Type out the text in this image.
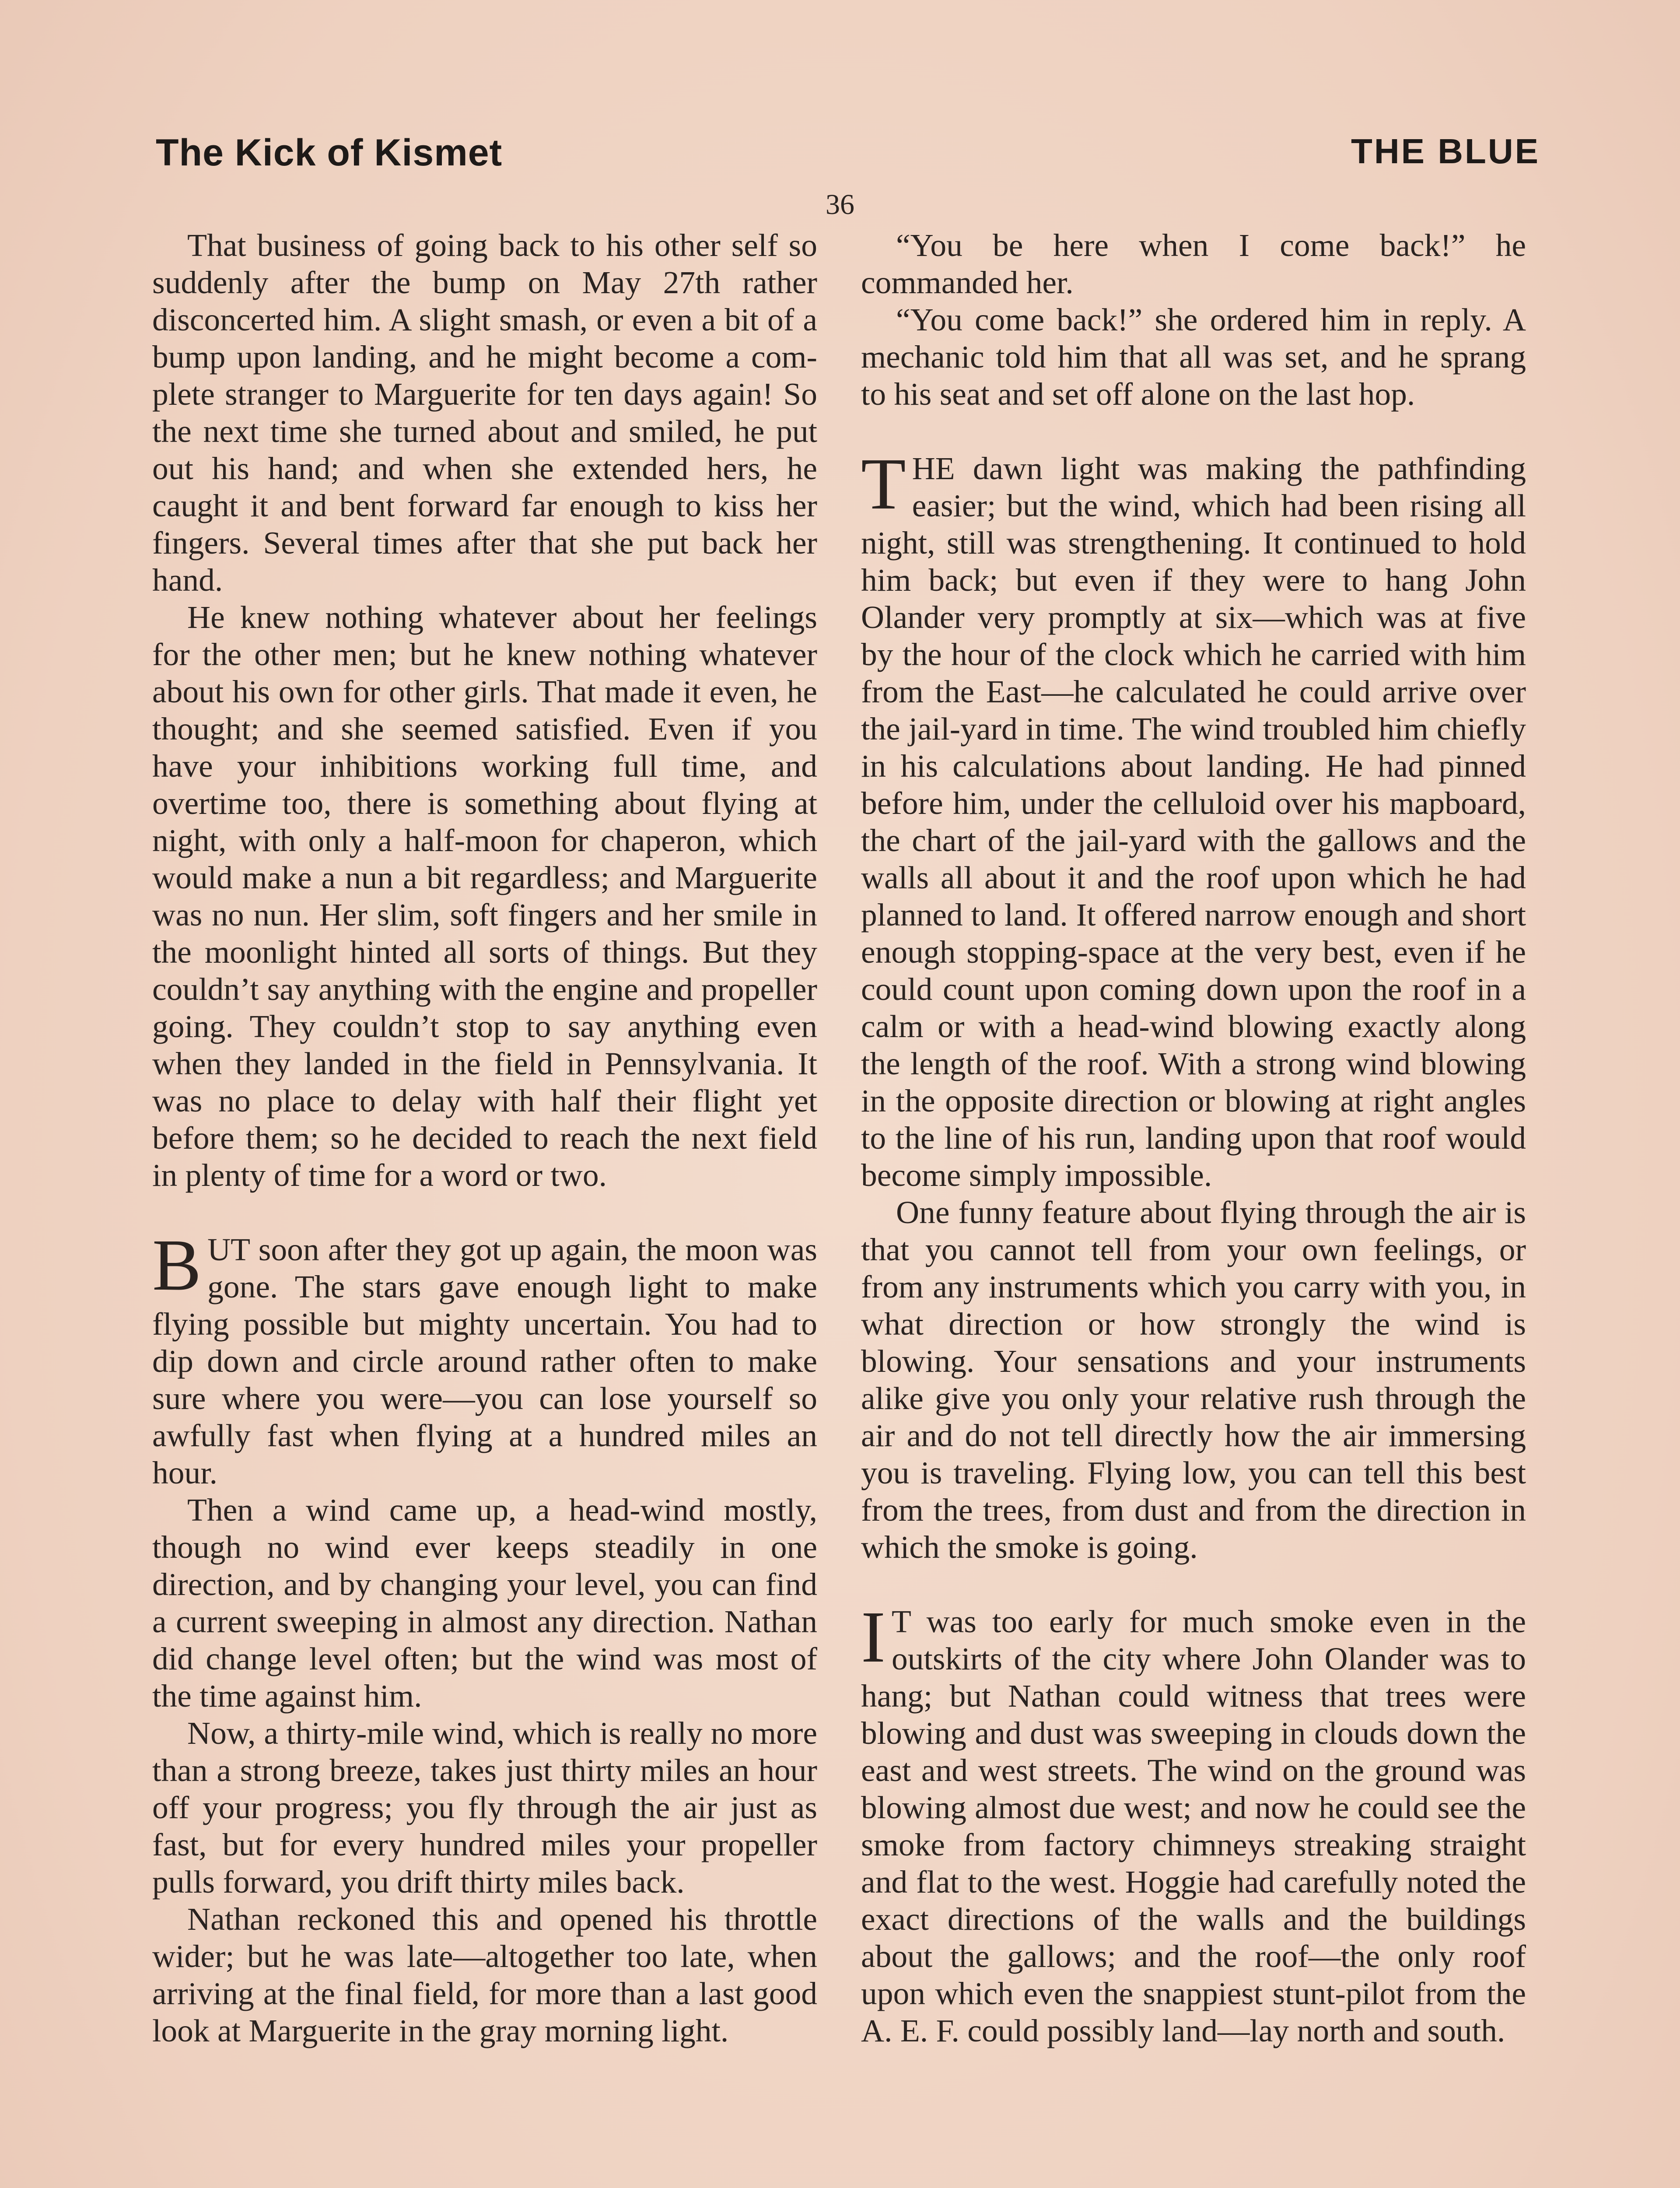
The Kick of Kismet	THE BLUE
36

That business of going back to his other self so suddenly after the bump on May 27th rather disconcerted him. A slight smash, or even a bit of a bump upon landing, and he might become a complete stranger to Marguerite for ten days again! So the next time she turned about and smiled, he put out his hand; and when she extended hers, he caught it and bent forward far enough to kiss her fingers. Several times after that she put back her hand.

He knew nothing whatever about her feelings for the other men; but he knew nothing whatever about his own for other girls. That made it even, he thought; and she seemed satisfied. Even if you have your inhibitions working full time, and overtime too, there is something about flying at night, with only a half-moon for chaperon, which would make a nun a bit regardless; and Marguerite was no nun. Her slim, soft fingers and her smile in the moonlight hinted all sorts of things. But they couldn’t say anything with the engine and propeller going. They couldn’t stop to say anything even when they landed in the field in Pennsylvania. It was no place to delay with half their flight yet before them; so he decided to reach the next field in plenty of time for a word or two.

BUT soon after they got up again, the moon was gone. The stars gave enough light to make flying possible but mighty uncertain. You had to dip down and circle around rather often to make sure where you were—you can lose yourself so awfully fast when flying at a hundred miles an hour.

Then a wind came up, a head-wind mostly, though no wind ever keeps steadily in one direction, and by changing your level, you can find a current sweeping in almost any direction. Nathan did change level often; but the wind was most of the time against him.

Now, a thirty-mile wind, which is really no more than a strong breeze, takes just thirty miles an hour off your progress; you fly through the air just as fast, but for every hundred miles your propeller pulls forward, you drift thirty miles back.

Nathan reckoned this and opened his throttle wider; but he was late—altogether too late, when arriving at the final field, for more than a last good look at Marguerite in the gray morning light.

“You be here when I come back!” he commanded her.

“You come back!” she ordered him in reply. A mechanic told him that all was set, and he sprang to his seat and set off alone on the last hop.

THE dawn light was making the pathfinding easier; but the wind, which had been rising all night, still was strengthening. It continued to hold him back; but even if they were to hang John Olander very promptly at six—which was at five by the hour of the clock which he carried with him from the East—he calculated he could arrive over the jail-yard in time. The wind troubled him chiefly in his calculations about landing. He had pinned before him, under the celluloid over his mapboard, the chart of the jail-yard with the gallows and the walls all about it and the roof upon which he had planned to land. It offered narrow enough and short enough stopping-space at the very best, even if he could count upon coming down upon the roof in a calm or with a head-wind blowing exactly along the length of the roof. With a strong wind blowing in the opposite direction or blowing at right angles to the line of his run, landing upon that roof would become simply impossible.

One funny feature about flying through the air is that you cannot tell from your own feelings, or from any instruments which you carry with you, in what direction or how strongly the wind is blowing. Your sensations and your instruments alike give you only your relative rush through the air and do not tell directly how the air immersing you is traveling. Flying low, you can tell this best from the trees, from dust and from the direction in which the smoke is going.

I T was too early for much smoke even in the outskirts of the city where John Olander was to hang; but Nathan could witness that trees were blowing and dust was sweeping in clouds down the east and west streets. The wind on the ground was blowing almost due west; and now he could see the smoke from factory chimneys streaking straight and flat to the west. Hoggie had carefully noted the exact directions of the walls and the buildings about the gallows; and the roof—the only roof upon which even the snappiest stunt-pilot from the A. E. F. could possibly land—lay north and south.
